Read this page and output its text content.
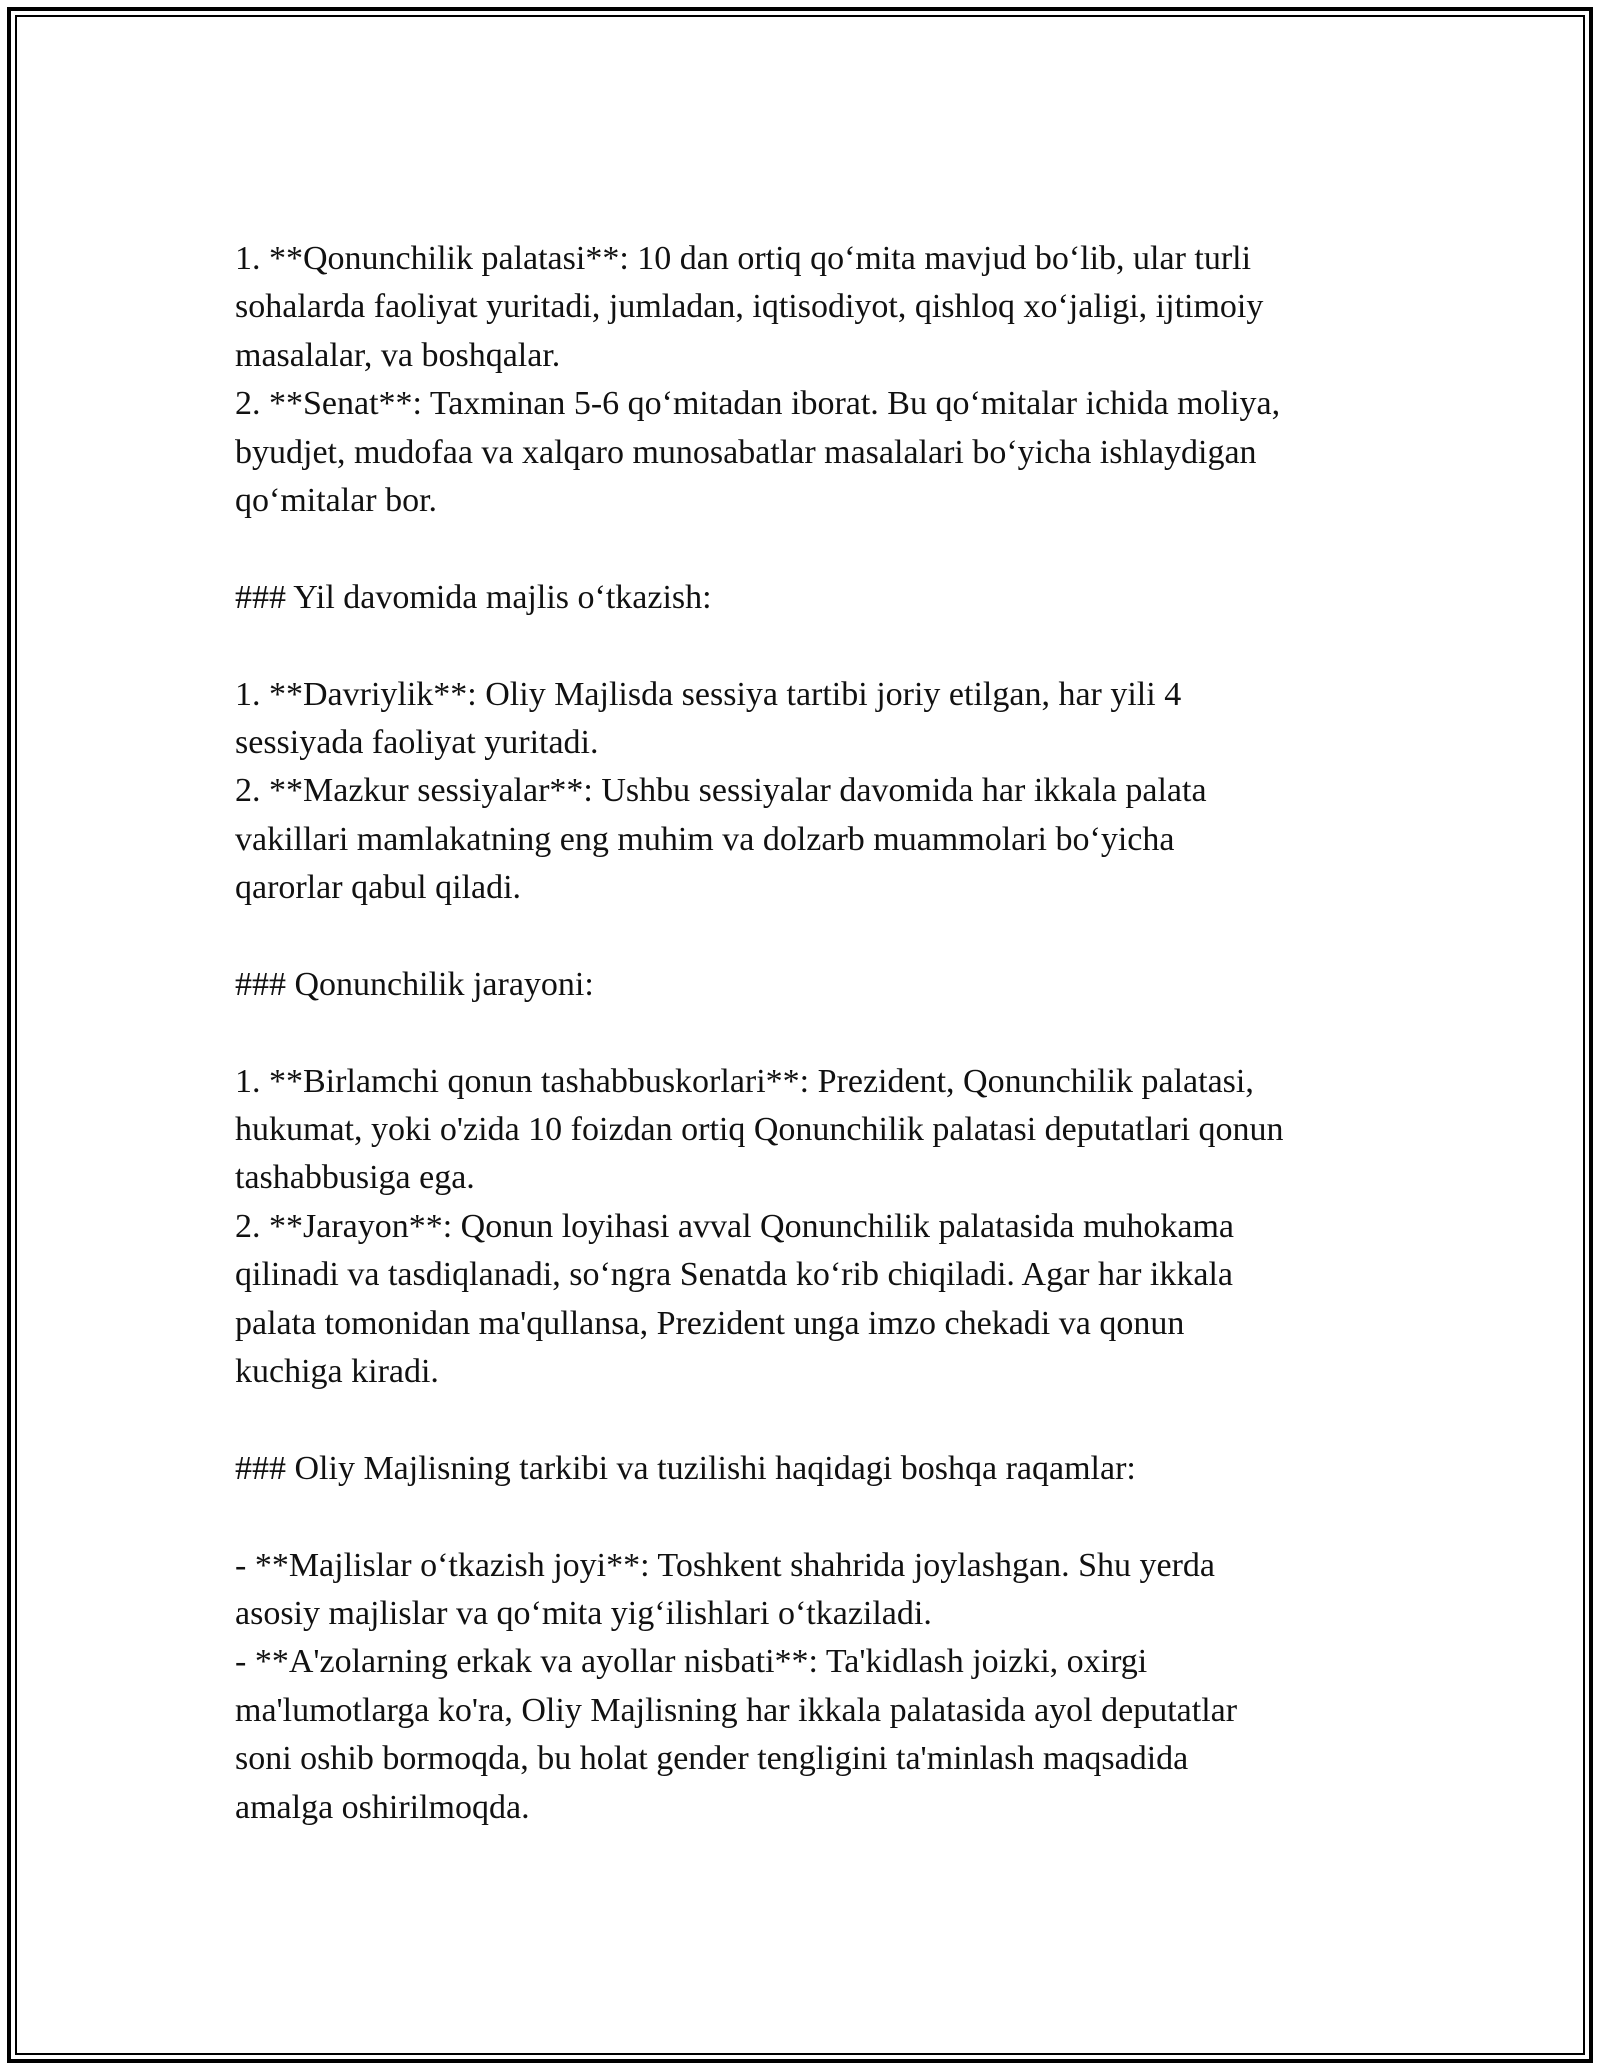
1. **Qonunchilik palatasi**: 10 dan ortiq qo‘mita mavjud bo‘lib, ular turli
sohalarda faoliyat yuritadi, jumladan, iqtisodiyot, qishloq xo‘jaligi, ijtimoiy
masalalar, va boshqalar.
2. **Senat**: Taxminan 5-6 qo‘mitadan iborat. Bu qo‘mitalar ichida moliya,
byudjet, mudofaa va xalqaro munosabatlar masalalari bo‘yicha ishlaydigan
qo‘mitalar bor.
### Yil davomida majlis o‘tkazish:
1. **Davriylik**: Oliy Majlisda sessiya tartibi joriy etilgan, har yili 4
sessiyada faoliyat yuritadi.
2. **Mazkur sessiyalar**: Ushbu sessiyalar davomida har ikkala palata
vakillari mamlakatning eng muhim va dolzarb muammolari bo‘yicha
qarorlar qabul qiladi.
### Qonunchilik jarayoni:
1. **Birlamchi qonun tashabbuskorlari**: Prezident, Qonunchilik palatasi,
hukumat, yoki o'zida 10 foizdan ortiq Qonunchilik palatasi deputatlari qonun
tashabbusiga ega.
2. **Jarayon**: Qonun loyihasi avval Qonunchilik palatasida muhokama
qilinadi va tasdiqlanadi, so‘ngra Senatda ko‘rib chiqiladi. Agar har ikkala
palata tomonidan ma'qullansa, Prezident unga imzo chekadi va qonun
kuchiga kiradi.
### Oliy Majlisning tarkibi va tuzilishi haqidagi boshqa raqamlar:
- **Majlislar o‘tkazish joyi**: Toshkent shahrida joylashgan. Shu yerda
asosiy majlislar va qo‘mita yig‘ilishlari o‘tkaziladi.
- **A'zolarning erkak va ayollar nisbati**: Ta'kidlash joizki, oxirgi
ma'lumotlarga ko'ra, Oliy Majlisning har ikkala palatasida ayol deputatlar
soni oshib bormoqda, bu holat gender tengligini ta'minlash maqsadida
amalga oshirilmoqda.
